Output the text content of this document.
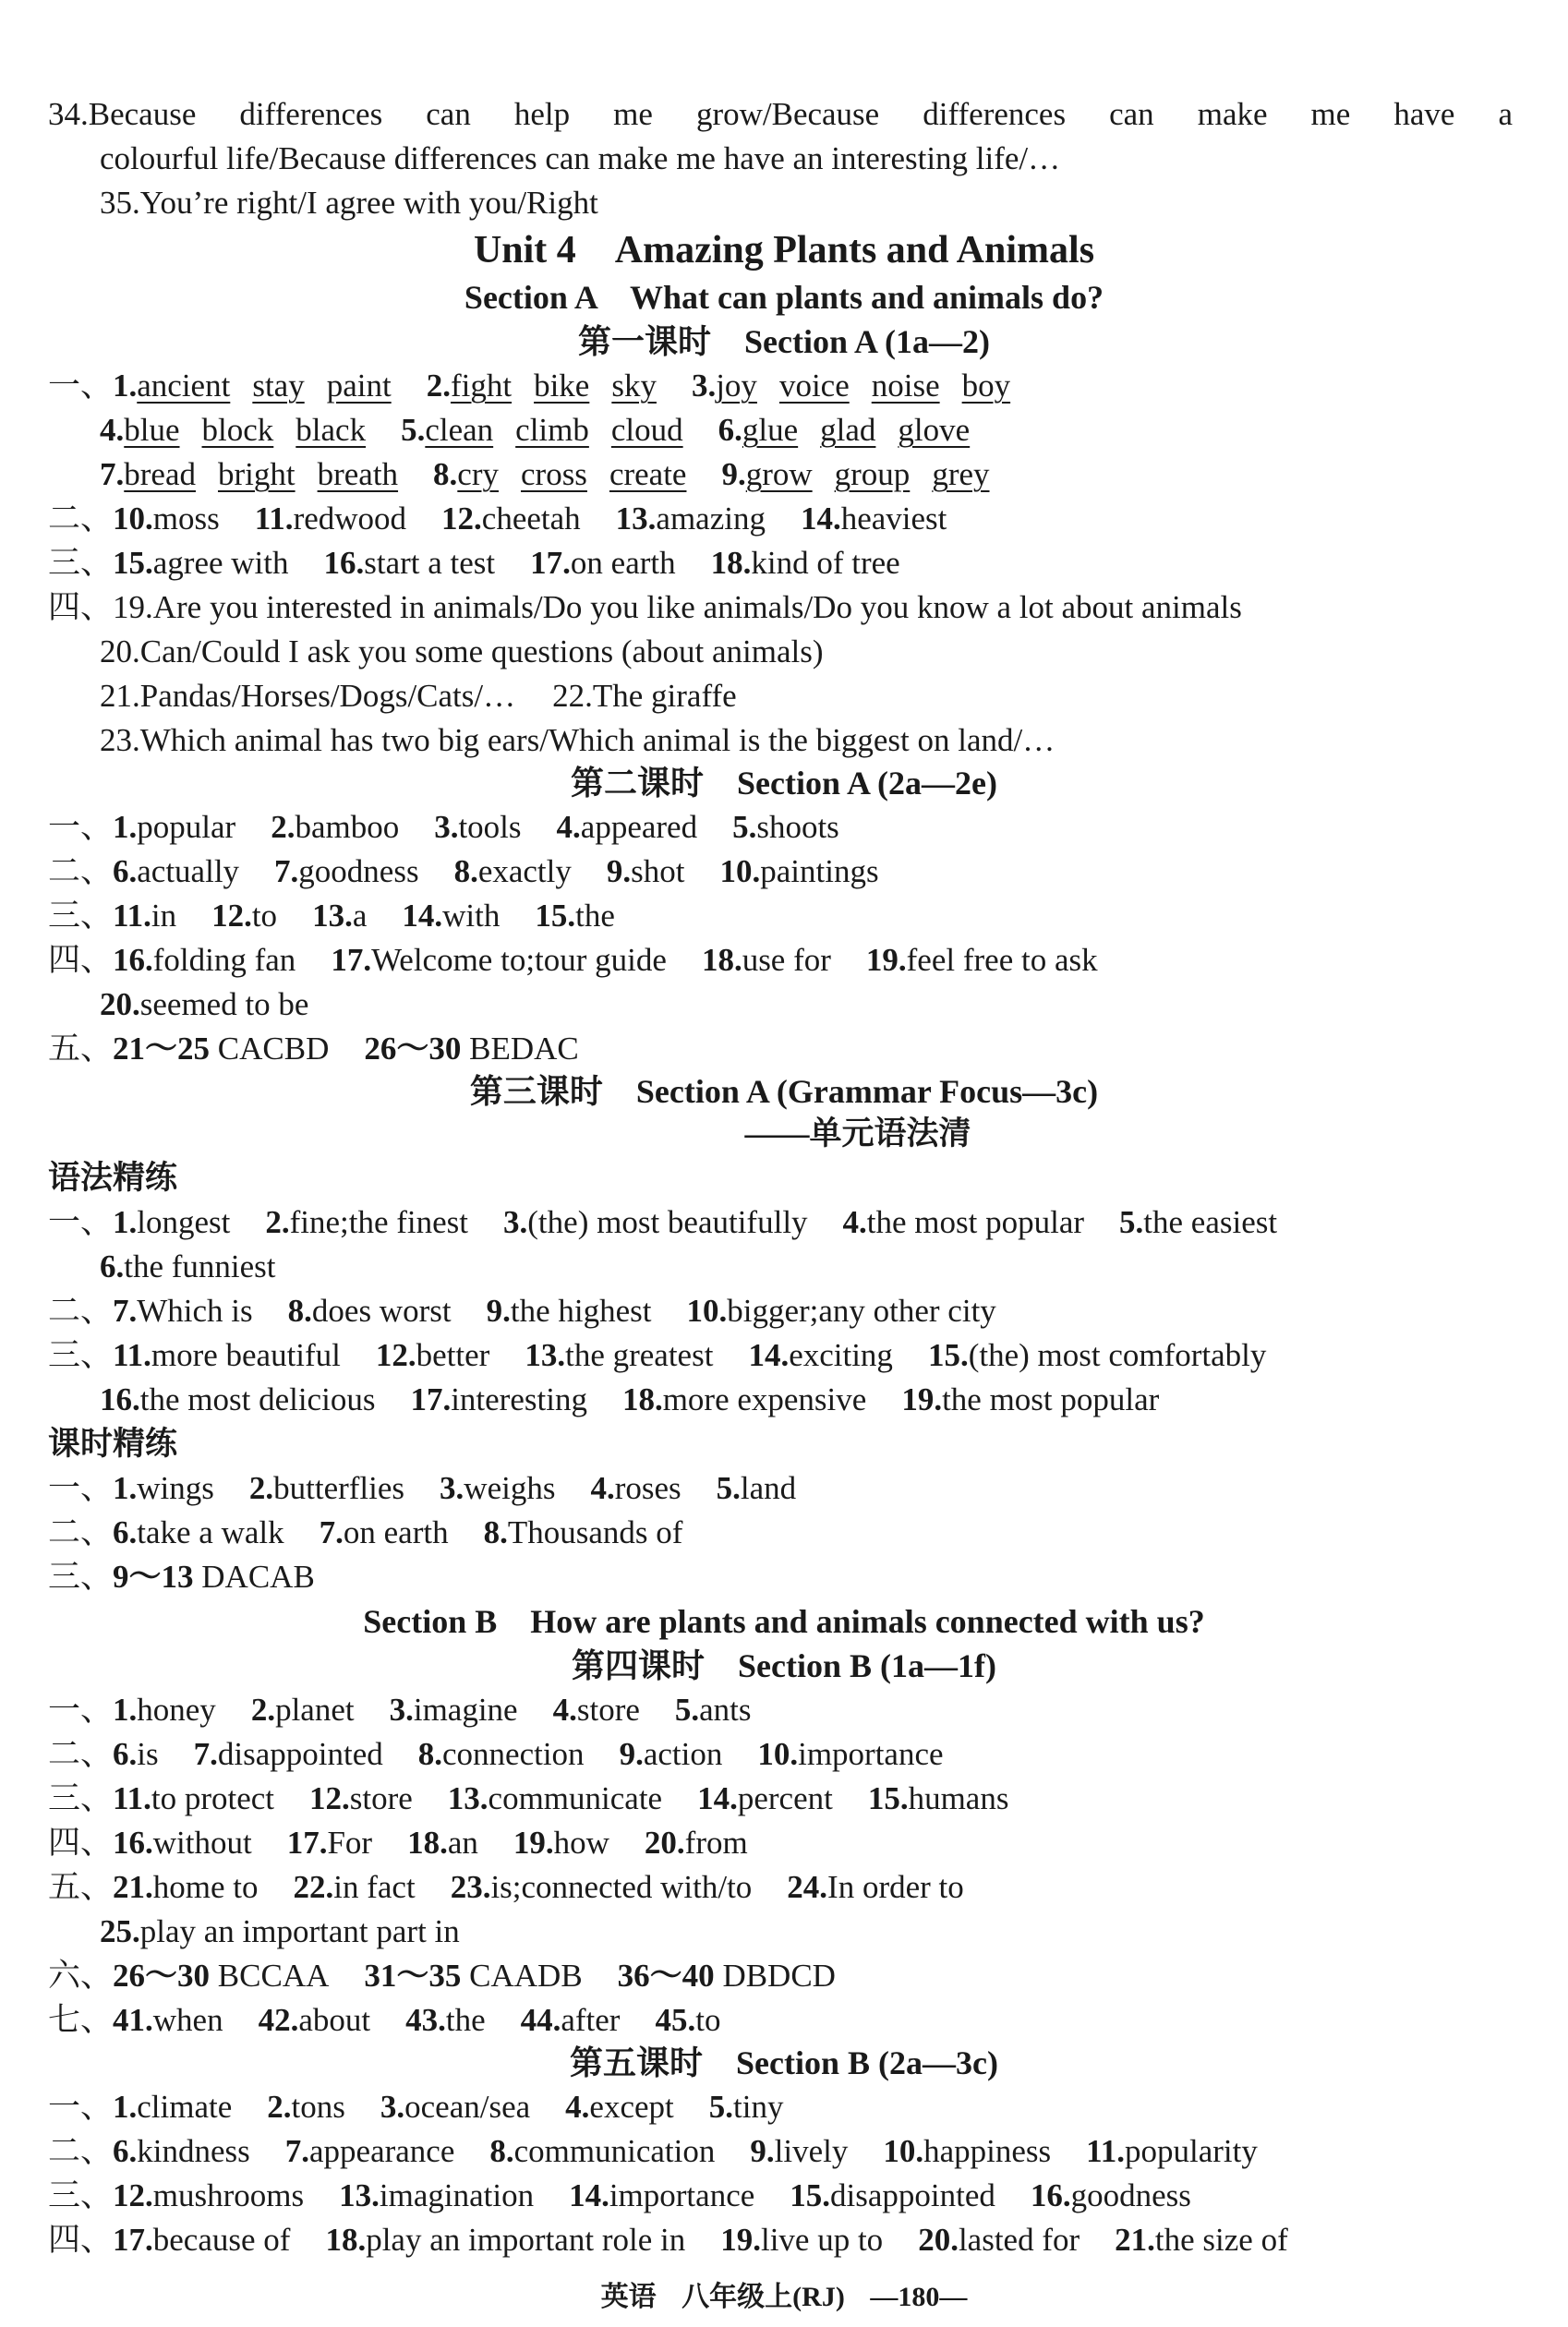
34.Because differences can help me grow/Because differences can make me have a
colourful life/Because differences can make me have an interesting life/…
35.You’re right/I agree with you/Right
Unit 4　Amazing Plants and Animals
Section A　What can plants and animals do?
第一课时　Section A (1a—2)
一、1.ancient stay paint 2.fight bike sky 3.joy voice noise boy
4.blue block black 5.clean climb cloud 6.glue glad glove
7.bread bright breath 8.cry cross create 9.grow group grey
二、10.moss 11.redwood 12.cheetah 13.amazing 14.heaviest
三、15.agree with 16.start a test 17.on earth 18.kind of tree
四、19.Are you interested in animals/Do you like animals/Do you know a lot about animals
20.Can/Could I ask you some questions (about animals)
21.Pandas/Horses/Dogs/Cats/… 22.The giraffe
23.Which animal has two big ears/Which animal is the biggest on land/…
第二课时　Section A (2a—2e)
一、1.popular 2.bamboo 3.tools 4.appeared 5.shoots
二、6.actually 7.goodness 8.exactly 9.shot 10.paintings
三、11.in 12.to 13.a 14.with 15.the
四、16.folding fan 17.Welcome to;tour guide 18.use for 19.feel free to ask
20.seemed to be
五、21～25 CACBD 26～30 BEDAC
第三课时　Section A (Grammar Focus—3c)
——单元语法清
语法精练
一、1.longest 2.fine;the finest 3.(the) most beautifully 4.the most popular 5.the easiest
6.the funniest
二、7.Which is 8.does worst 9.the highest 10.bigger;any other city
三、11.more beautiful 12.better 13.the greatest 14.exciting 15.(the) most comfortably
16.the most delicious 17.interesting 18.more expensive 19.the most popular
课时精练
一、1.wings 2.butterflies 3.weighs 4.roses 5.land
二、6.take a walk 7.on earth 8.Thousands of
三、9～13 DACAB
Section B　How are plants and animals connected with us?
第四课时　Section B (1a—1f)
一、1.honey 2.planet 3.imagine 4.store 5.ants
二、6.is 7.disappointed 8.connection 9.action 10.importance
三、11.to protect 12.store 13.communicate 14.percent 15.humans
四、16.without 17.For 18.an 19.how 20.from
五、21.home to 22.in fact 23.is;connected with/to 24.In order to
25.play an important part in
六、26～30 BCCAA 31～35 CAADB 36～40 DBDCD
七、41.when 42.about 43.the 44.after 45.to
第五课时　Section B (2a—3c)
一、1.climate 2.tons 3.ocean/sea 4.except 5.tiny
二、6.kindness 7.appearance 8.communication 9.lively 10.happiness 11.popularity
三、12.mushrooms 13.imagination 14.importance 15.disappointed 16.goodness
四、17.because of 18.play an important role in 19.live up to 20.lasted for 21.the size of
英语 八年级上(RJ) —180—
